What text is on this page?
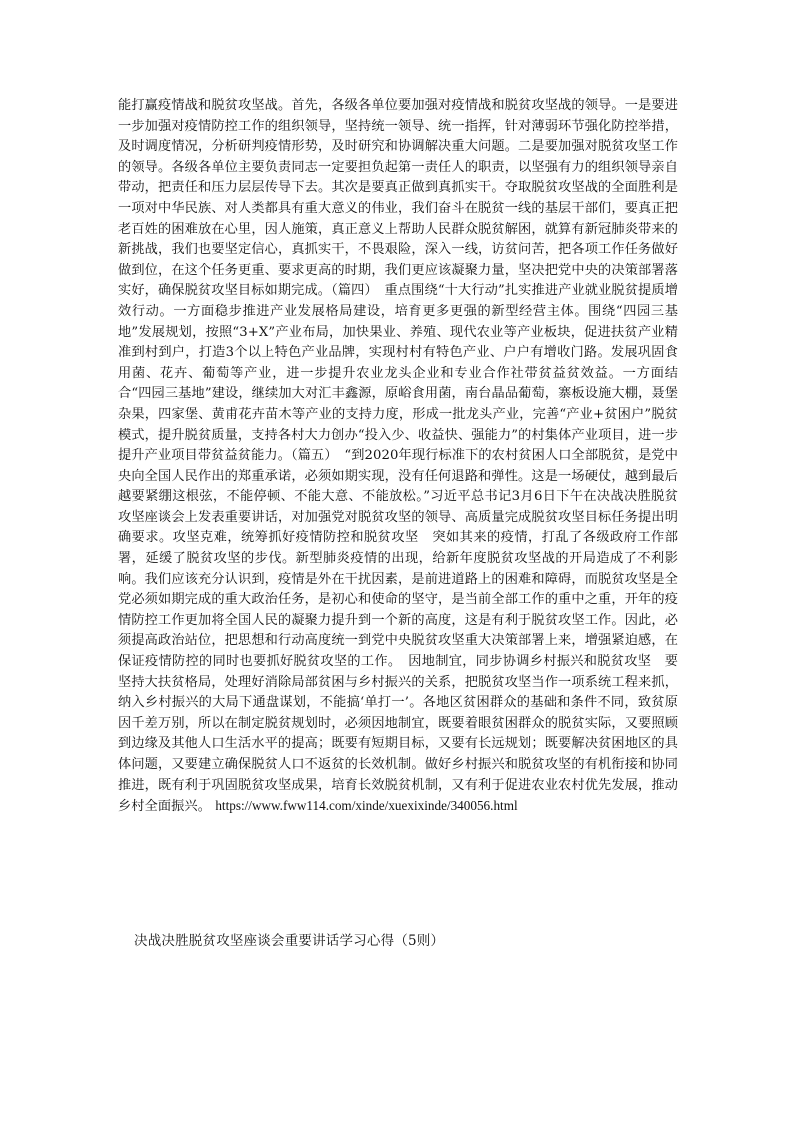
能打赢疫情战和脱贫攻坚战。首先，各级各单位要加强对疫情战和脱贫攻坚战的领导。一是要进一步加强对疫情防控工作的组织领导，坚持统一领导、统一指挥，针对薄弱环节强化防控举措，及时调度情况，分析研判疫情形势，及时研究和协调解决重大问题。二是要加强对脱贫攻坚工作的领导。各级各单位主要负责同志一定要担负起第一责任人的职责，以坚强有力的组织领导亲自带动，把责任和压力层层传导下去。其次是要真正做到真抓实干。夺取脱贫攻坚战的全面胜利是一项对中华民族、对人类都具有重大意义的伟业，我们奋斗在脱贫一线的基层干部们，要真正把老百姓的困难放在心里，因人施策，真正意义上帮助人民群众脱贫解困，就算有新冠肺炎带来的新挑战，我们也要坚定信心，真抓实干，不畏艰险，深入一线，访贫问苦，把各项工作任务做好做到位，在这个任务更重、要求更高的时期，我们更应该凝聚力量，坚决把党中央的决策部署落实好，确保脱贫攻坚目标如期完成。（篇四）　重点围绕“十大行动”扎实推进产业就业脱贫提质增效行动。一方面稳步推进产业发展格局建设，培育更多更强的新型经营主体。围绕“四园三基地”发展规划，按照“3+X”产业布局，加快果业、养殖、现代农业等产业板块，促进扶贫产业精准到村到户，打造3个以上特色产业品牌，实现村村有特色产业、户户有增收门路。发展巩固食用菌、花卉、葡萄等产业，进一步提升农业龙头企业和专业合作社带贫益贫效益。一方面结合“四园三基地”建设，继续加大对汇丰鑫源，原峪食用菌，南台晶品葡萄，寨板设施大棚，聂堡杂果，四家堡、黄甫花卉苗木等产业的支持力度，形成一批龙头产业，完善“产业+贫困户”脱贫模式，提升脱贫质量，支持各村大力创办“投入少、收益快、强能力”的村集体产业项目，进一步提升产业项目带贫益贫能力。（篇五）　“到2020年现行标准下的农村贫困人口全部脱贫，是党中央向全国人民作出的郑重承诺，必须如期实现，没有任何退路和弹性。这是一场硬仗，越到最后越要紧绷这根弦，不能停顿、不能大意、不能放松。”习近平总书记3月6日下午在决战决胜脱贫攻坚座谈会上发表重要讲话，对加强党对脱贫攻坚的领导、高质量完成脱贫攻坚目标任务提出明确要求。攻坚克难，统筹抓好疫情防控和脱贫攻坚　突如其来的疫情，打乱了各级政府工作部署，延缓了脱贫攻坚的步伐。新型肺炎疫情的出现，给新年度脱贫攻坚战的开局造成了不利影响。我们应该充分认识到，疫情是外在干扰因素，是前进道路上的困难和障碍，而脱贫攻坚是全党必须如期完成的重大政治任务，是初心和使命的坚守，是当前全部工作的重中之重，开年的疫情防控工作更加将全国人民的凝聚力提升到一个新的高度，这是有利于脱贫攻坚工作。因此，必须提高政治站位，把思想和行动高度统一到党中央脱贫攻坚重大决策部署上来，增强紧迫感，在保证疫情防控的同时也要抓好脱贫攻坚的工作。　因地制宜，同步协调乡村振兴和脱贫攻坚　要坚持大扶贫格局，处理好消除局部贫困与乡村振兴的关系，把脱贫攻坚当作一项系统工程来抓，纳入乡村振兴的大局下通盘谋划，不能搞‘单打一’。各地区贫困群众的基础和条件不同，致贫原因千差万别，所以在制定脱贫规划时，必须因地制宜，既要着眼贫困群众的脱贫实际，又要照顾到边缘及其他人口生活水平的提高；既要有短期目标，又要有长远规划；既要解决贫困地区的具体问题，又要建立确保脱贫人口不返贫的长效机制。做好乡村振兴和脱贫攻坚的有机衔接和协同推进，既有利于巩固脱贫攻坚成果，培育长效脱贫机制，又有利于促进农业农村优先发展，推动乡村全面振兴。 https://www.fww114.com/xinde/xuexixinde/340056.html
决战决胜脱贫攻坚座谈会重要讲话学习心得（5则）
